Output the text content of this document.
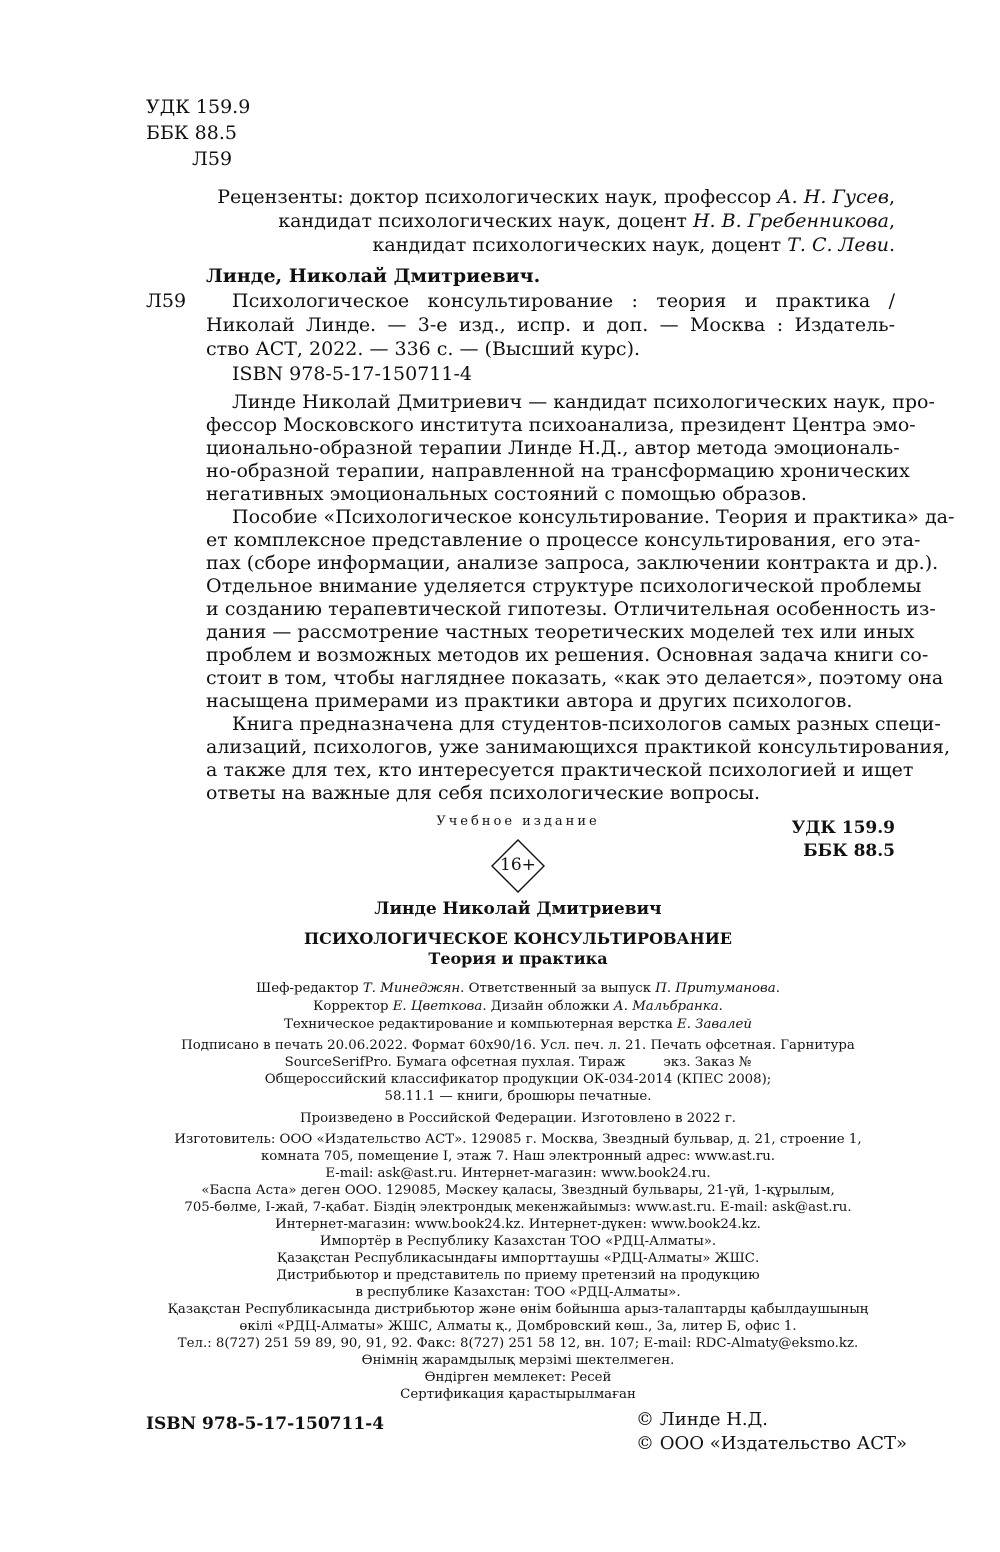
УДК 159.9
ББК 88.5
Л59
Рецензенты: доктор психологических наук, профессор А. Н. Гусев,
кандидат психологических наук, доцент Н. В. Гребенникова,
кандидат психологических наук, доцент Т. С. Леви.
Линде, Николай Дмитриевич.
Л59 Психологическое консультирование : теория и практика /
Николай Линде. — 3-е изд., испр. и доп. — Москва : Издатель-
ство АСТ, 2022. — 336 с. — (Высший курс).
ISBN 978-5-17-150711-4
Линде Николай Дмитриевич — кандидат психологических наук, про-
фессор Московского института психоанализа, президент Центра эмо-
ционально-образной терапии Линде Н.Д., автор метода эмоциональ-
но-образной терапии, направленной на трансформацию хронических
негативных эмоциональных состояний с помощью образов.
Пособие «Психологическое консультирование. Теория и практика» да-
ет комплексное представление о процессе консультирования, его эта-
пах (сборе информации, анализе запроса, заключении контракта и др.).
Отдельное внимание уделяется структуре психологической проблемы
и созданию терапевтической гипотезы. Отличительная особенность из-
дания — рассмотрение частных теоретических моделей тех или иных
проблем и возможных методов их решения. Основная задача книги со-
стоит в том, чтобы нагляднее показать, «как это делается», поэтому она
насыщена примерами из практики автора и других психологов.
Книга предназначена для студентов-психологов самых разных специ-
ализаций, психологов, уже занимающихся практикой консультирования,
а также для тех, кто интересуется практической психологией и ищет
ответы на важные для себя психологические вопросы.
УДК 159.9
ББК 88.5
Учебное издание
16+
Линде Николай Дмитриевич
ПСИХОЛОГИЧЕСКОЕ КОНСУЛЬТИРОВАНИЕ
Теория и практика
Шеф-редактор Т. Минеджян. Ответственный за выпуск П. Притуманова.
Корректор Е. Цветкова. Дизайн обложки А. Мальбранка.
Техническое редактирование и компьютерная верстка Е. Завалей
Подписано в печать 20.06.2022. Формат 60x90/16. Усл. печ. л. 21. Печать офсетная. Гарнитура
SourceSerifPro. Бумага офсетная пухлая. Тираж         экз. Заказ №
Общероссийский классификатор продукции ОК-034-2014 (КПЕС 2008);
58.11.1 — книги, брошюры печатные.
Произведено в Российской Федерации. Изготовлено в 2022 г.
Изготовитель: ООО «Издательство АСТ». 129085 г. Москва, Звездный бульвар, д. 21, строение 1,
комната 705, помещение I, этаж 7. Наш электронный адрес: www.ast.ru.
E-mail: ask@ast.ru. Интернет-магазин: www.book24.ru.
«Баспа Аста» деген ООО. 129085, Мәскеу қаласы, Звездный бульвары, 21-үй, 1-құрылым,
705-бөлме, I-жай, 7-қабат. Біздің электрондық мекенжайымыз: www.ast.ru. E-mail: ask@ast.ru.
Интернет-магазин: www.book24.kz. Интернет-дүкен: www.book24.kz.
Импортёр в Республику Казахстан ТОО «РДЦ-Алматы».
Қазақстан Республикасындағы импорттаушы «РДЦ-Алматы» ЖШС.
Дистрибьютор и представитель по приему претензий на продукцию
в республике Казахстан: ТОО «РДЦ-Алматы».
Қазақстан Республикасында дистрибьютор және өнім бойынша арыз-талаптарды қабылдаушының
өкілі «РДЦ-Алматы» ЖШС, Алматы қ., Домбровский көш., 3а, литер Б, офис 1.
Тел.: 8(727) 251 59 89, 90, 91, 92. Факс: 8(727) 251 58 12, вн. 107; E-mail: RDC-Almaty@eksmo.kz.
Өнімнің жарамдылық мерзімі шектелмеген.
Өндірген мемлекет: Ресей
Сертификация қарастырылмаған
ISBN 978-5-17-150711-4	© Линде Н.Д.
© ООО «Издательство АСТ»
